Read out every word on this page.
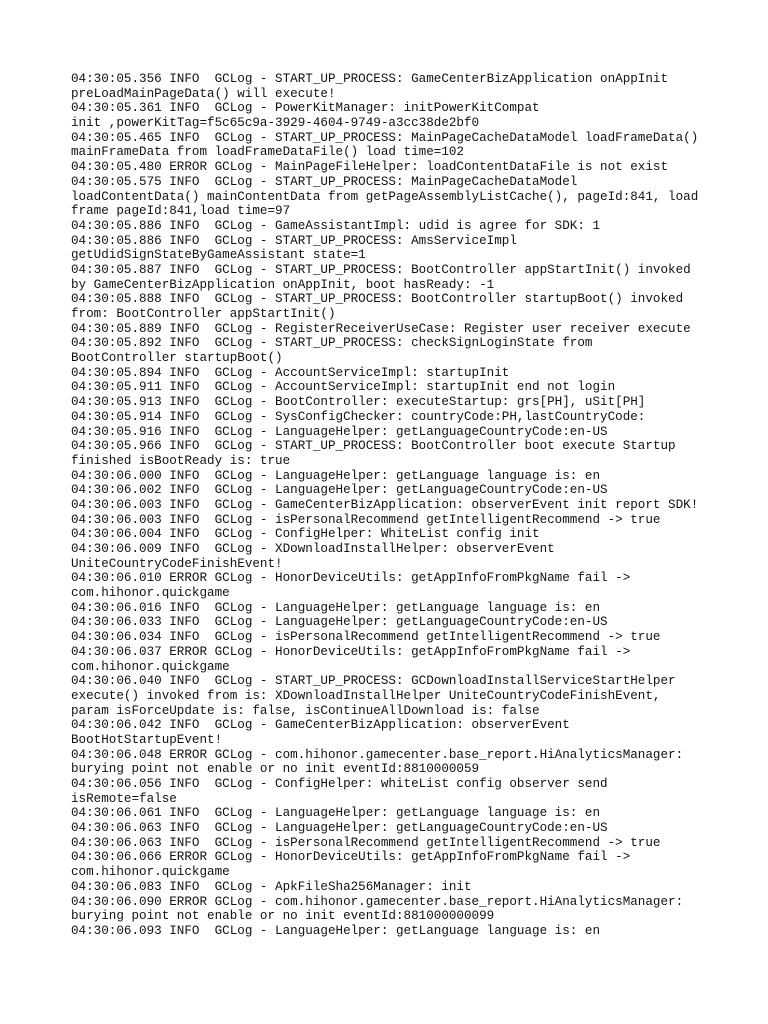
04:30:05.356 INFO  GCLog - START_UP_PROCESS: GameCenterBizApplication onAppInit
preLoadMainPageData() will execute!
04:30:05.361 INFO  GCLog - PowerKitManager: initPowerKitCompat
init ,powerKitTag=f5c65c9a-3929-4604-9749-a3cc38de2bf0
04:30:05.465 INFO  GCLog - START_UP_PROCESS: MainPageCacheDataModel loadFrameData()
mainFrameData from loadFrameDataFile() load time=102
04:30:05.480 ERROR GCLog - MainPageFileHelper: loadContentDataFile is not exist
04:30:05.575 INFO  GCLog - START_UP_PROCESS: MainPageCacheDataModel
loadContentData() mainContentData from getPageAssemblyListCache(), pageId:841, load
frame pageId:841,load time=97
04:30:05.886 INFO  GCLog - GameAssistantImpl: udid is agree for SDK: 1
04:30:05.886 INFO  GCLog - START_UP_PROCESS: AmsServiceImpl
getUdidSignStateByGameAssistant state=1
04:30:05.887 INFO  GCLog - START_UP_PROCESS: BootController appStartInit() invoked
by GameCenterBizApplication onAppInit, boot hasReady: -1
04:30:05.888 INFO  GCLog - START_UP_PROCESS: BootController startupBoot() invoked
from: BootController appStartInit()
04:30:05.889 INFO  GCLog - RegisterReceiverUseCase: Register user receiver execute
04:30:05.892 INFO  GCLog - START_UP_PROCESS: checkSignLoginState from
BootController startupBoot()
04:30:05.894 INFO  GCLog - AccountServiceImpl: startupInit
04:30:05.911 INFO  GCLog - AccountServiceImpl: startupInit end not login
04:30:05.913 INFO  GCLog - BootController: executeStartup: grs[PH], uSit[PH]
04:30:05.914 INFO  GCLog - SysConfigChecker: countryCode:PH,lastCountryCode:
04:30:05.916 INFO  GCLog - LanguageHelper: getLanguageCountryCode:en-US
04:30:05.966 INFO  GCLog - START_UP_PROCESS: BootController boot execute Startup
finished isBootReady is: true
04:30:06.000 INFO  GCLog - LanguageHelper: getLanguage language is: en
04:30:06.002 INFO  GCLog - LanguageHelper: getLanguageCountryCode:en-US
04:30:06.003 INFO  GCLog - GameCenterBizApplication: observerEvent init report SDK!
04:30:06.003 INFO  GCLog - isPersonalRecommend getIntelligentRecommend -> true
04:30:06.004 INFO  GCLog - ConfigHelper: WhiteList config init
04:30:06.009 INFO  GCLog - XDownloadInstallHelper: observerEvent
UniteCountryCodeFinishEvent!
04:30:06.010 ERROR GCLog - HonorDeviceUtils: getAppInfoFromPkgName fail ->
com.hihonor.quickgame
04:30:06.016 INFO  GCLog - LanguageHelper: getLanguage language is: en
04:30:06.033 INFO  GCLog - LanguageHelper: getLanguageCountryCode:en-US
04:30:06.034 INFO  GCLog - isPersonalRecommend getIntelligentRecommend -> true
04:30:06.037 ERROR GCLog - HonorDeviceUtils: getAppInfoFromPkgName fail ->
com.hihonor.quickgame
04:30:06.040 INFO  GCLog - START_UP_PROCESS: GCDownloadInstallServiceStartHelper
execute() invoked from is: XDownloadInstallHelper UniteCountryCodeFinishEvent,
param isForceUpdate is: false, isContinueAllDownload is: false
04:30:06.042 INFO  GCLog - GameCenterBizApplication: observerEvent
BootHotStartupEvent!
04:30:06.048 ERROR GCLog - com.hihonor.gamecenter.base_report.HiAnalyticsManager:
burying point not enable or no init eventId:8810000059
04:30:06.056 INFO  GCLog - ConfigHelper: whiteList config observer send
isRemote=false
04:30:06.061 INFO  GCLog - LanguageHelper: getLanguage language is: en
04:30:06.063 INFO  GCLog - LanguageHelper: getLanguageCountryCode:en-US
04:30:06.063 INFO  GCLog - isPersonalRecommend getIntelligentRecommend -> true
04:30:06.066 ERROR GCLog - HonorDeviceUtils: getAppInfoFromPkgName fail ->
com.hihonor.quickgame
04:30:06.083 INFO  GCLog - ApkFileSha256Manager: init
04:30:06.090 ERROR GCLog - com.hihonor.gamecenter.base_report.HiAnalyticsManager:
burying point not enable or no init eventId:881000000099
04:30:06.093 INFO  GCLog - LanguageHelper: getLanguage language is: en
